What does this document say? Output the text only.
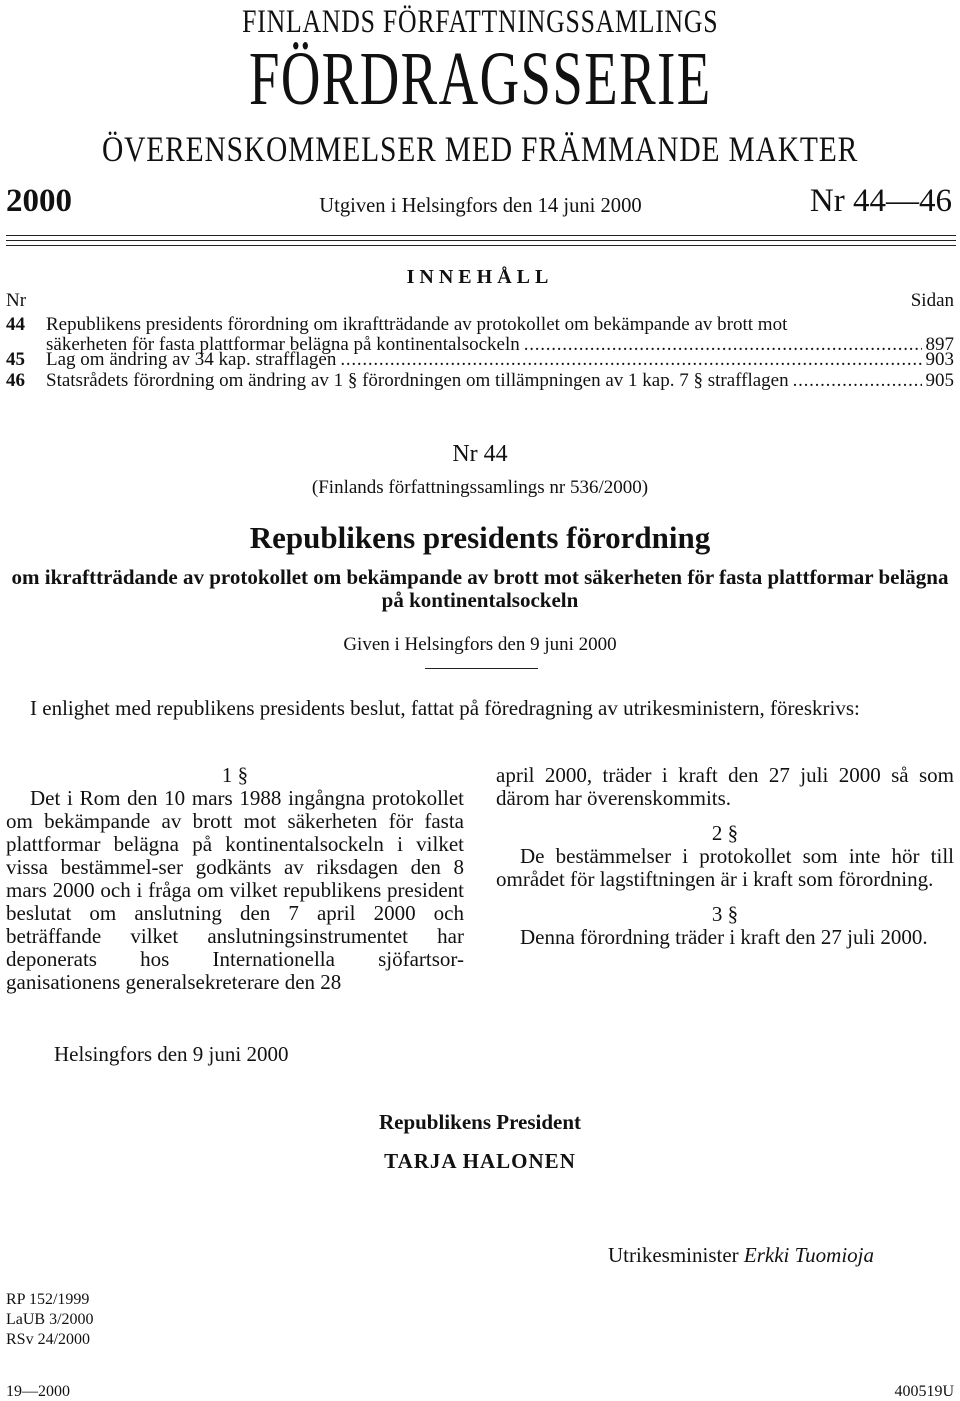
FINLANDS FÖRFATTNINGSSAMLINGS
FÖRDRAGSSERIE
ÖVERENSKOMMELSER MED FRÄMMANDE MAKTER
2000	Utgiven i Helsingfors den 14 juni 2000	Nr 44—46
INNEHÅLL
Nr	Sidan
44 Republikens presidents förordning om ikraftträdande av protokollet om bekämpande av brott mot
säkerheten för fasta plattformar belägna på kontinentalsockeln . . .	897
45 Lag om ändring av 34 kap. strafflagen . . .	903
46 Statsrådets förordning om ändring av 1 § förordningen om tillämpningen av 1 kap. 7 § strafflagen . . .	905
Nr 44
(Finlands författningssamlings nr 536/2000)
Republikens presidents förordning
om ikraftträdande av protokollet om bekämpande av brott mot säkerheten för fasta plattformar belägna på kontinentalsockeln
Given i Helsingfors den 9 juni 2000
I enlighet med republikens presidents beslut, fattat på föredragning av utrikesministern, föreskrivs:
1 §
Det i Rom den 10 mars 1988 ingångna protokollet om bekämpande av brott mot säkerheten för fasta plattformar belägna på kontinentalsockeln i vilket vissa bestämmel-ser godkänts av riksdagen den 8 mars 2000 och i fråga om vilket republikens president beslutat om anslutning den 7 april 2000 och beträffande vilket anslutningsinstrumentet har deponerats hos Internationella sjöfartsor-ganisationens generalsekreterare den 28
april 2000, träder i kraft den 27 juli 2000 så som därom har överenskommits.
2 §
De bestämmelser i protokollet som inte hör till området för lagstiftningen är i kraft som förordning.
3 §
Denna förordning träder i kraft den 27 juli 2000.
Helsingfors den 9 juni 2000
Republikens President
TARJA HALONEN
Utrikesminister Erkki Tuomioja
RP 152/1999
LaUB 3/2000
RSv 24/2000
19—2000	400519U
